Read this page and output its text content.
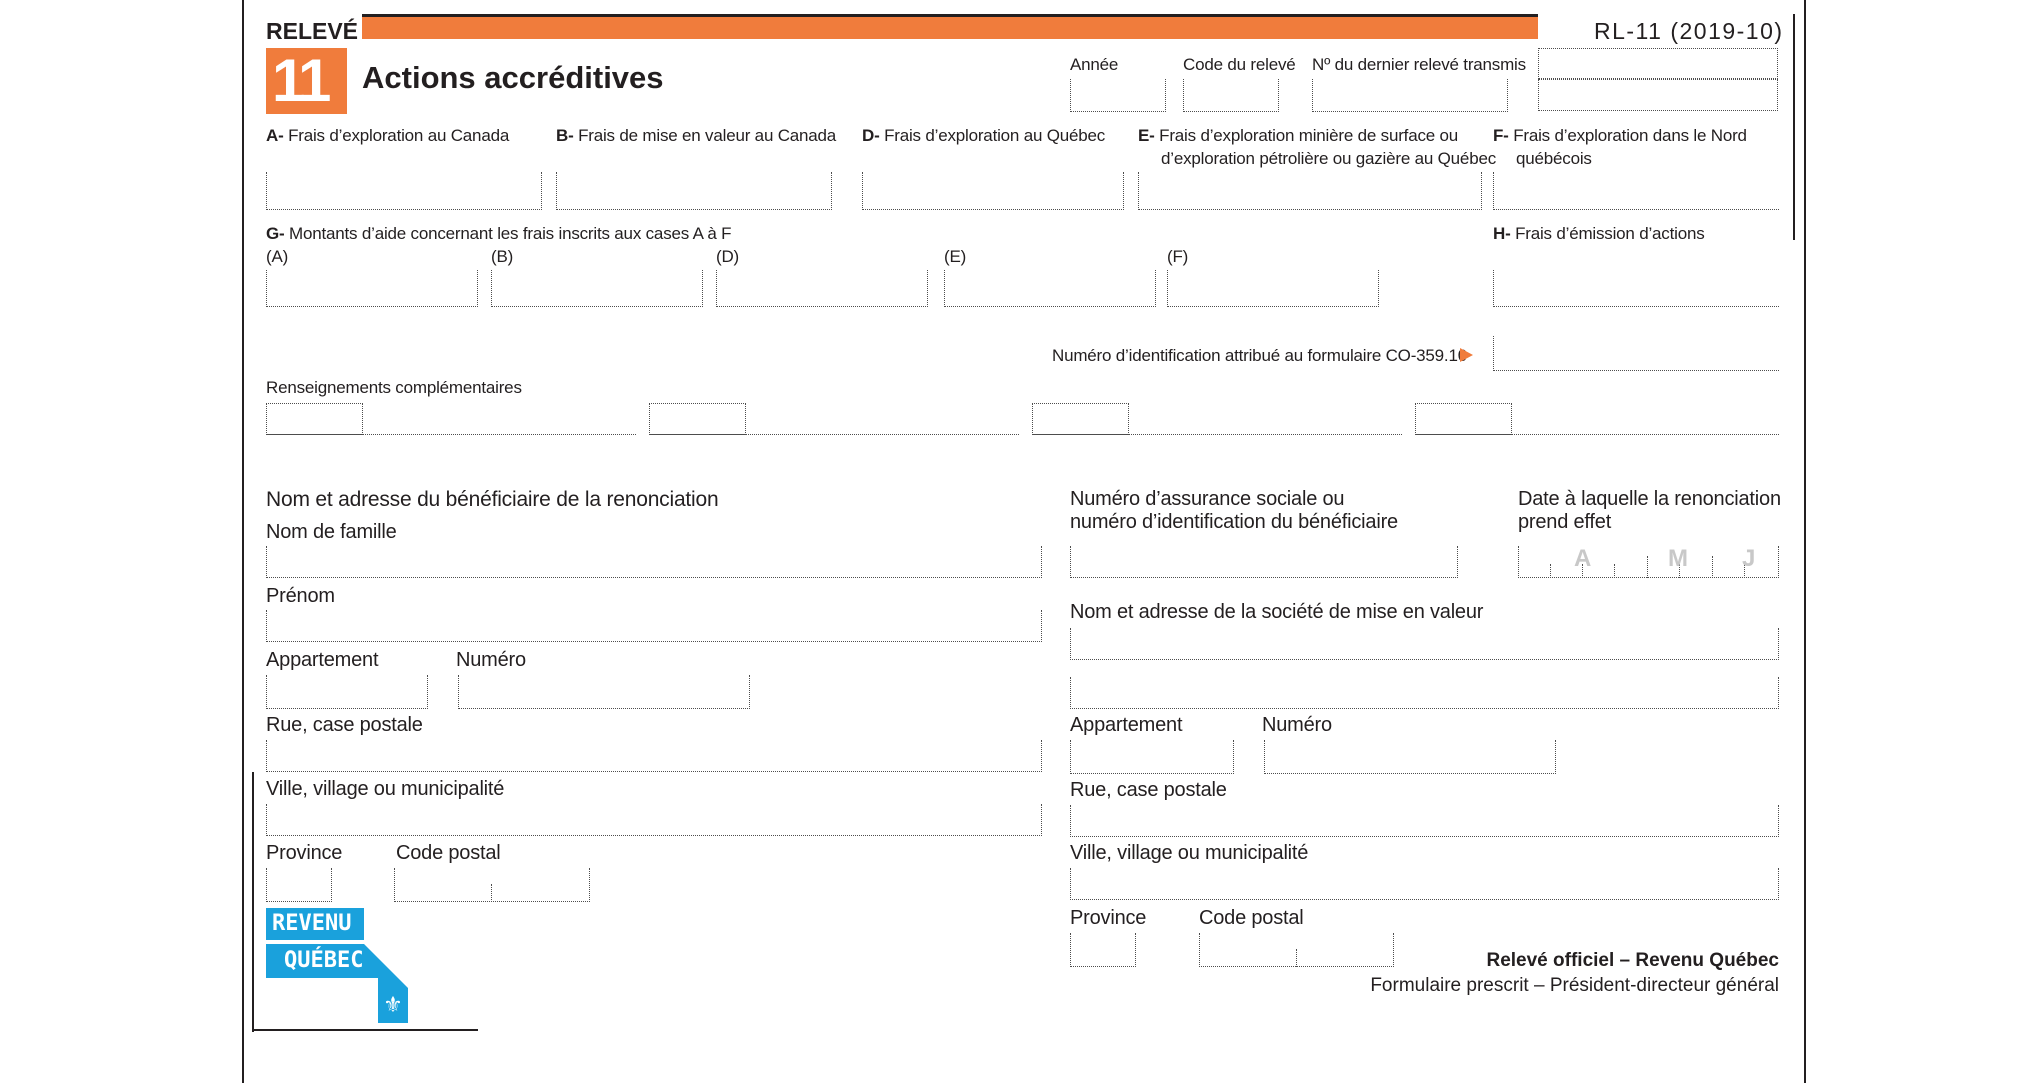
RELEVÉ	RL-11 (2019-10)
11 Actions accréditives	Année	Code du relevé Nº du dernier relevé transmis
A- Frais d’exploration au Canada	B- Frais de mise en valeur au Canada D- Frais d’exploration au Québec E- Frais d’exploration minière de surface ou
d’exploration pétrolière ou gazière au Québec
F- Frais d’exploration dans le Nord
québécois
G- Montants d’aide concernant les frais inscrits aux cases A à F
(A)	(B)	(D)	(E)	(F)
H- Frais d’émission d’actions
Numéro d’identification attribué au formulaire CO-359.10
Renseignements complémentaires
Nom et adresse du bénéficiaire de la renonciation
Nom de famille
Prénom
Appartement	Numéro
Rue, case postale
Ville, village ou municipalité
Province	Code postal
REVENU
QUÉBEC
⚜
Numéro d’assurance sociale ou
numéro d’identification du bénéficiaire
Date à laquelle la renonciation
prend effet
A	M J
Nom et adresse de la société de mise en valeur
Appartement	Numéro
Rue, case postale
Ville, village ou municipalité
Province	Code postal
Relevé officiel – Revenu Québec
Formulaire prescrit – Président-directeur général
